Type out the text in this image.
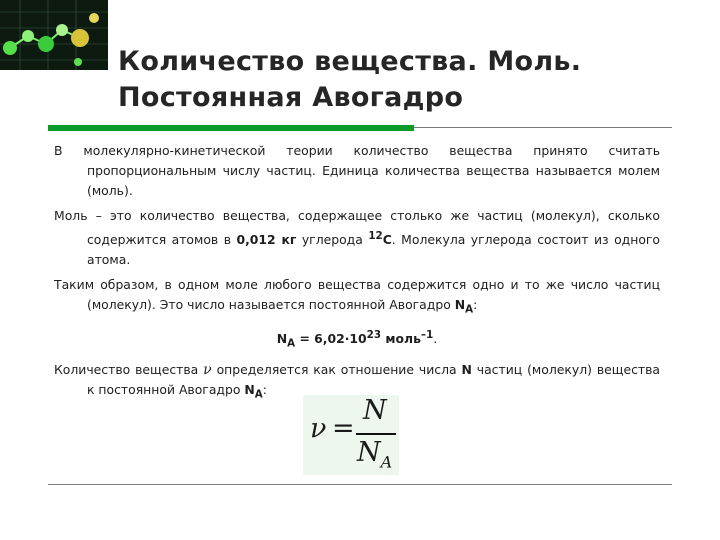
Количество вещества. Моль.
Постоянная Авогадро

В молекулярно-кинетической теории количество вещества принято считать пропорциональным числу частиц. Единица количества вещества называется молем (моль).

Моль – это количество вещества, содержащее столько же частиц (молекул), сколько содержится атомов в 0,012 кг углерода $^{12}$С. Молекула углерода состоит из одного атома.

Таким образом, в одном моле любого вещества содержится одно и то же число частиц (молекул). Это число называется постоянной Авогадро $N_A$:

$N_A = 6,02\cdot 10^{23}$ моль$^{-1}$.

Количество вещества ν определяется как отношение числа N частиц (молекул) вещества к постоянной Авогадро $N_A$:

ν =
N
$N_A$
